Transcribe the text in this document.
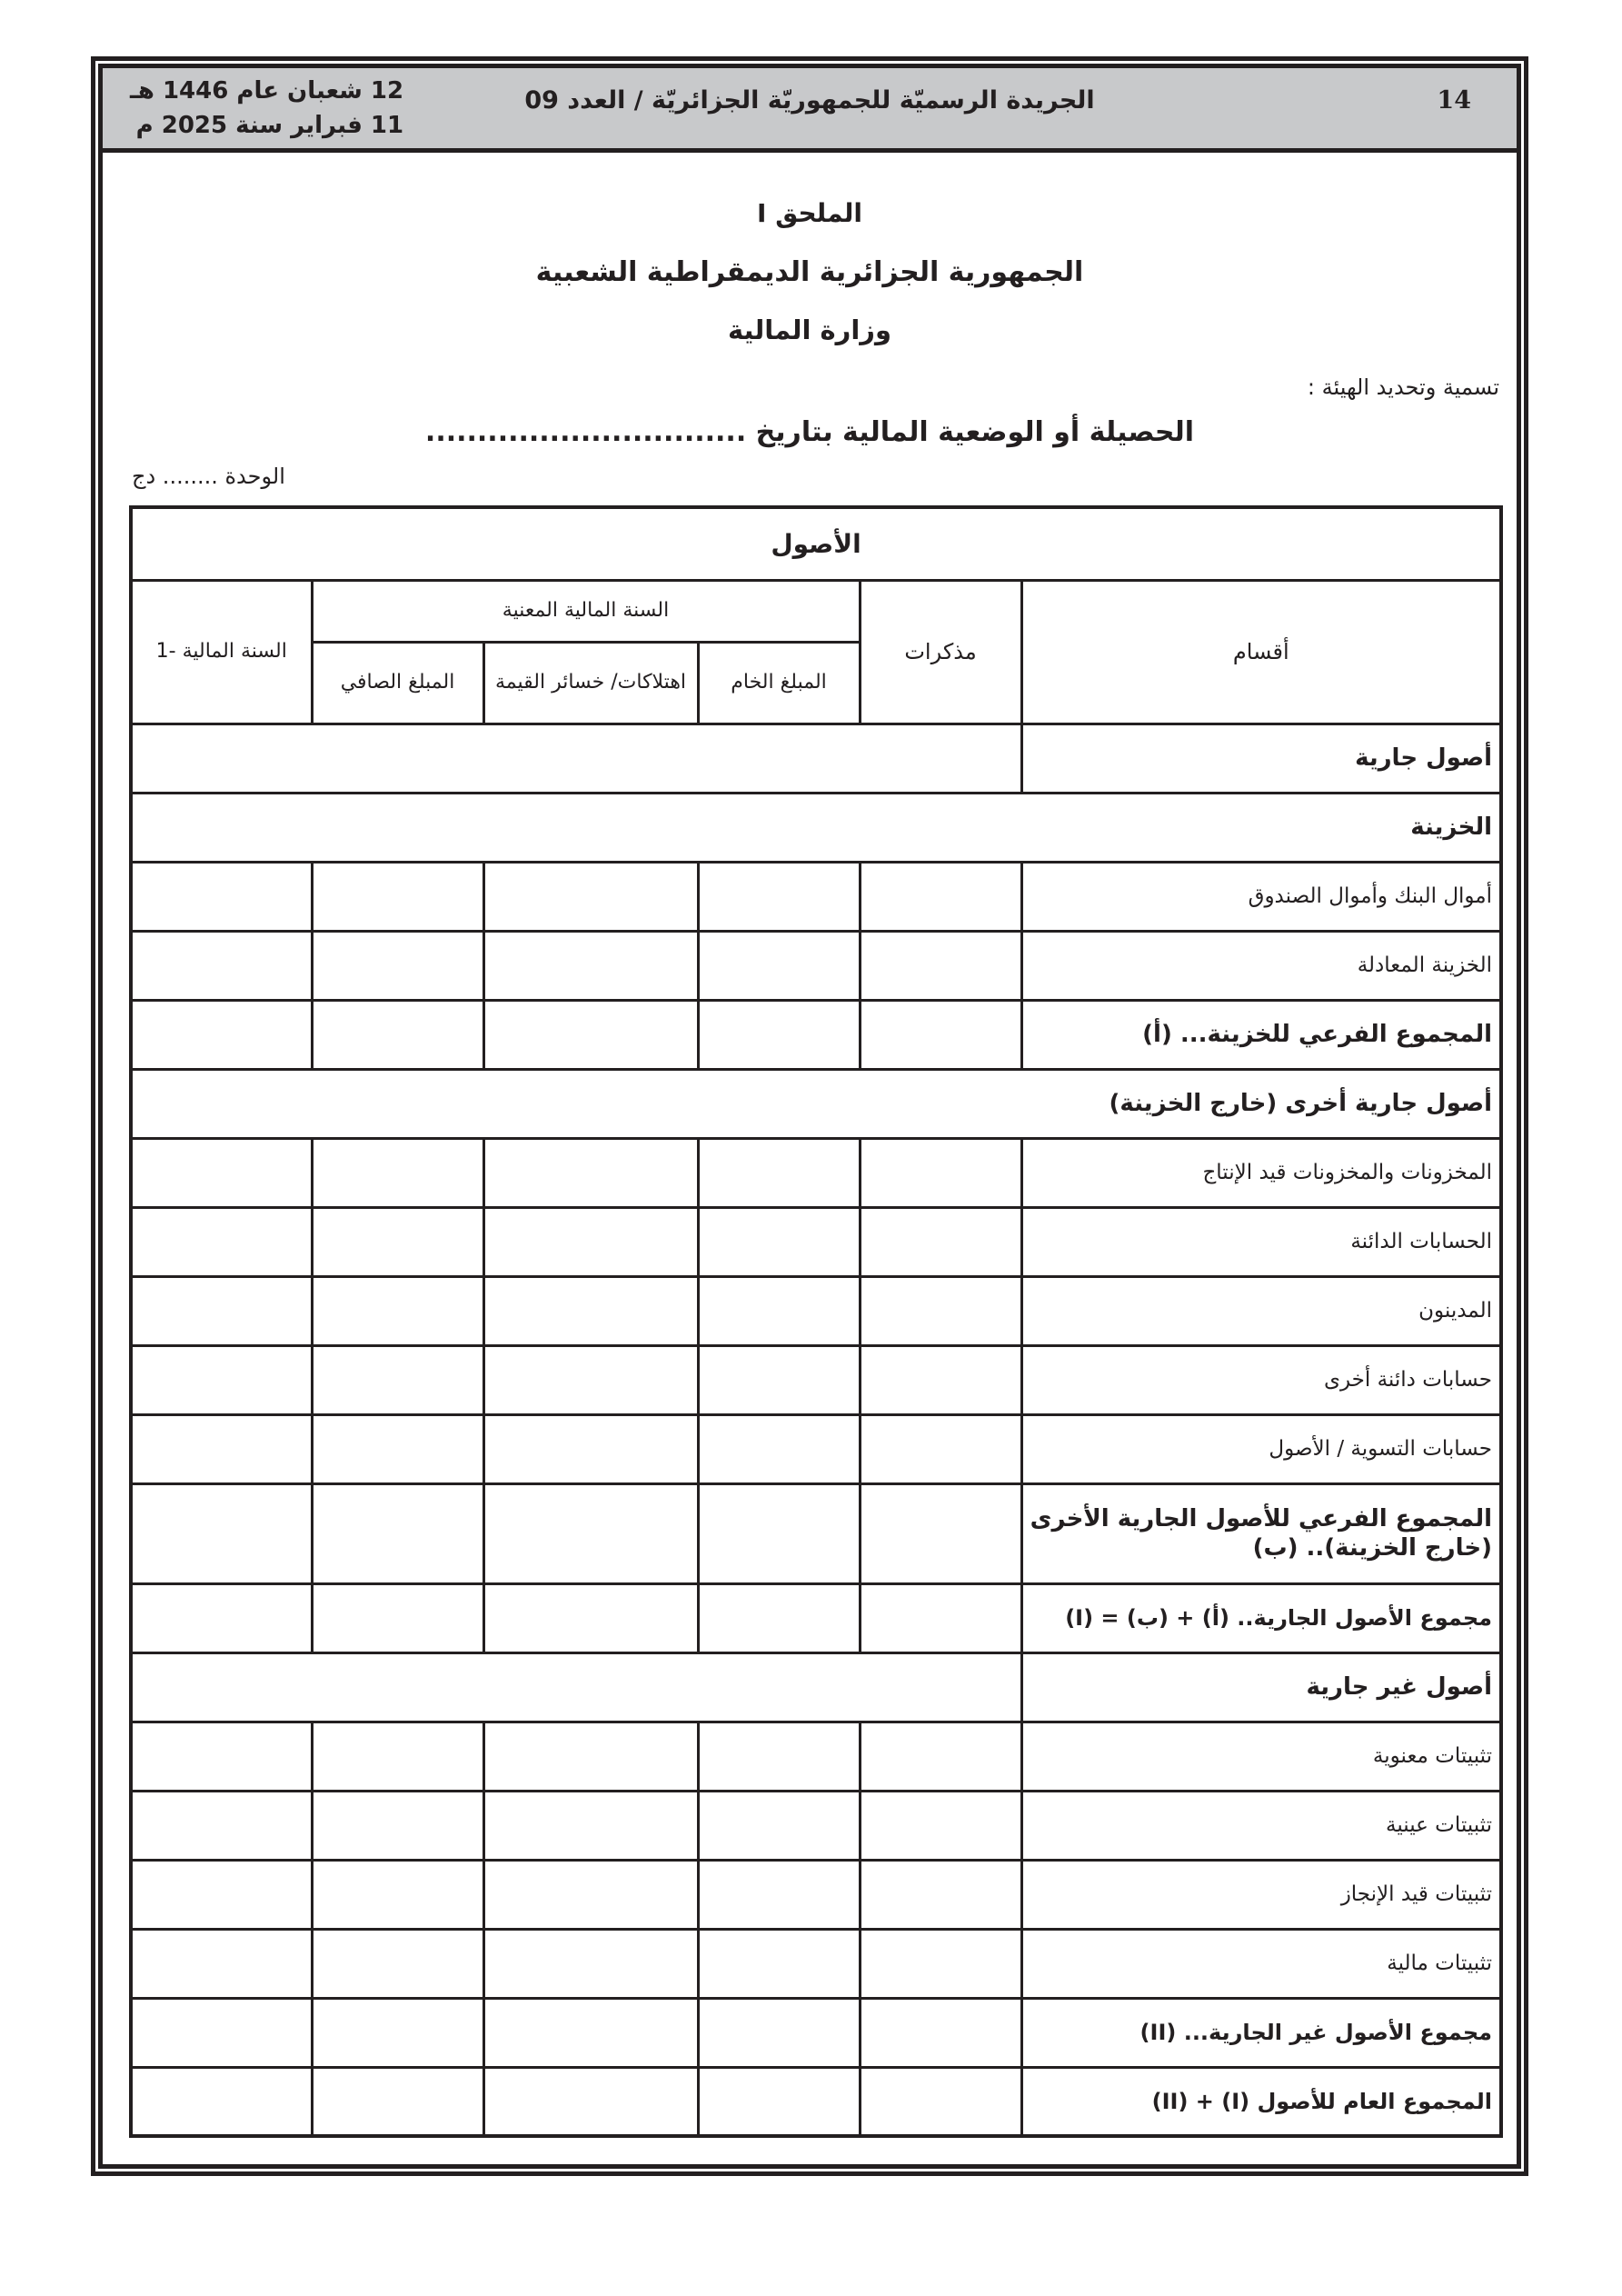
14
الجريدة الرسميّة للجمهوريّة الجزائريّة / العدد 09
12 شعبان عام 1446 هـ
11 فبراير سنة 2025 م
الملحق I
الجمهورية الجزائرية الديمقراطية الشعبية
وزارة المالية
تسمية وتحديد الهيئة :
الحصيلة أو الوضعية المالية بتاريخ ...............................
الوحدة ........ دج
الأصول					
أقسام	مذكرات	السنة المالية المعنية			السنة المالية -1
		المبلغ الخام	اهتلاكات/ خسائر القيمة	المبلغ الصافي	
أصول جارية					
الخزينة					
أموال البنك وأموال الصندوق					
الخزينة المعادلة					
المجموع الفرعي للخزينة... (أ)					
أصول جارية أخرى (خارج الخزينة)					
المخزونات والمخزونات قيد الإنتاج					
الحسابات الدائنة					
المدينون					
حسابات دائنة أخرى					
حسابات التسوية / الأصول					
المجموع الفرعي للأصول الجارية الأخرى (خارج الخزينة).. (ب)					
مجموع الأصول الجارية.. (أ) + (ب) = (I)					
أصول غير جارية					
تثبيتات معنوية					
تثبيتات عينية					
تثبيتات قيد الإنجاز					
تثبيتات مالية					
مجموع الأصول غير الجارية... (II)					
المجموع العام للأصول (I) + (II)					
